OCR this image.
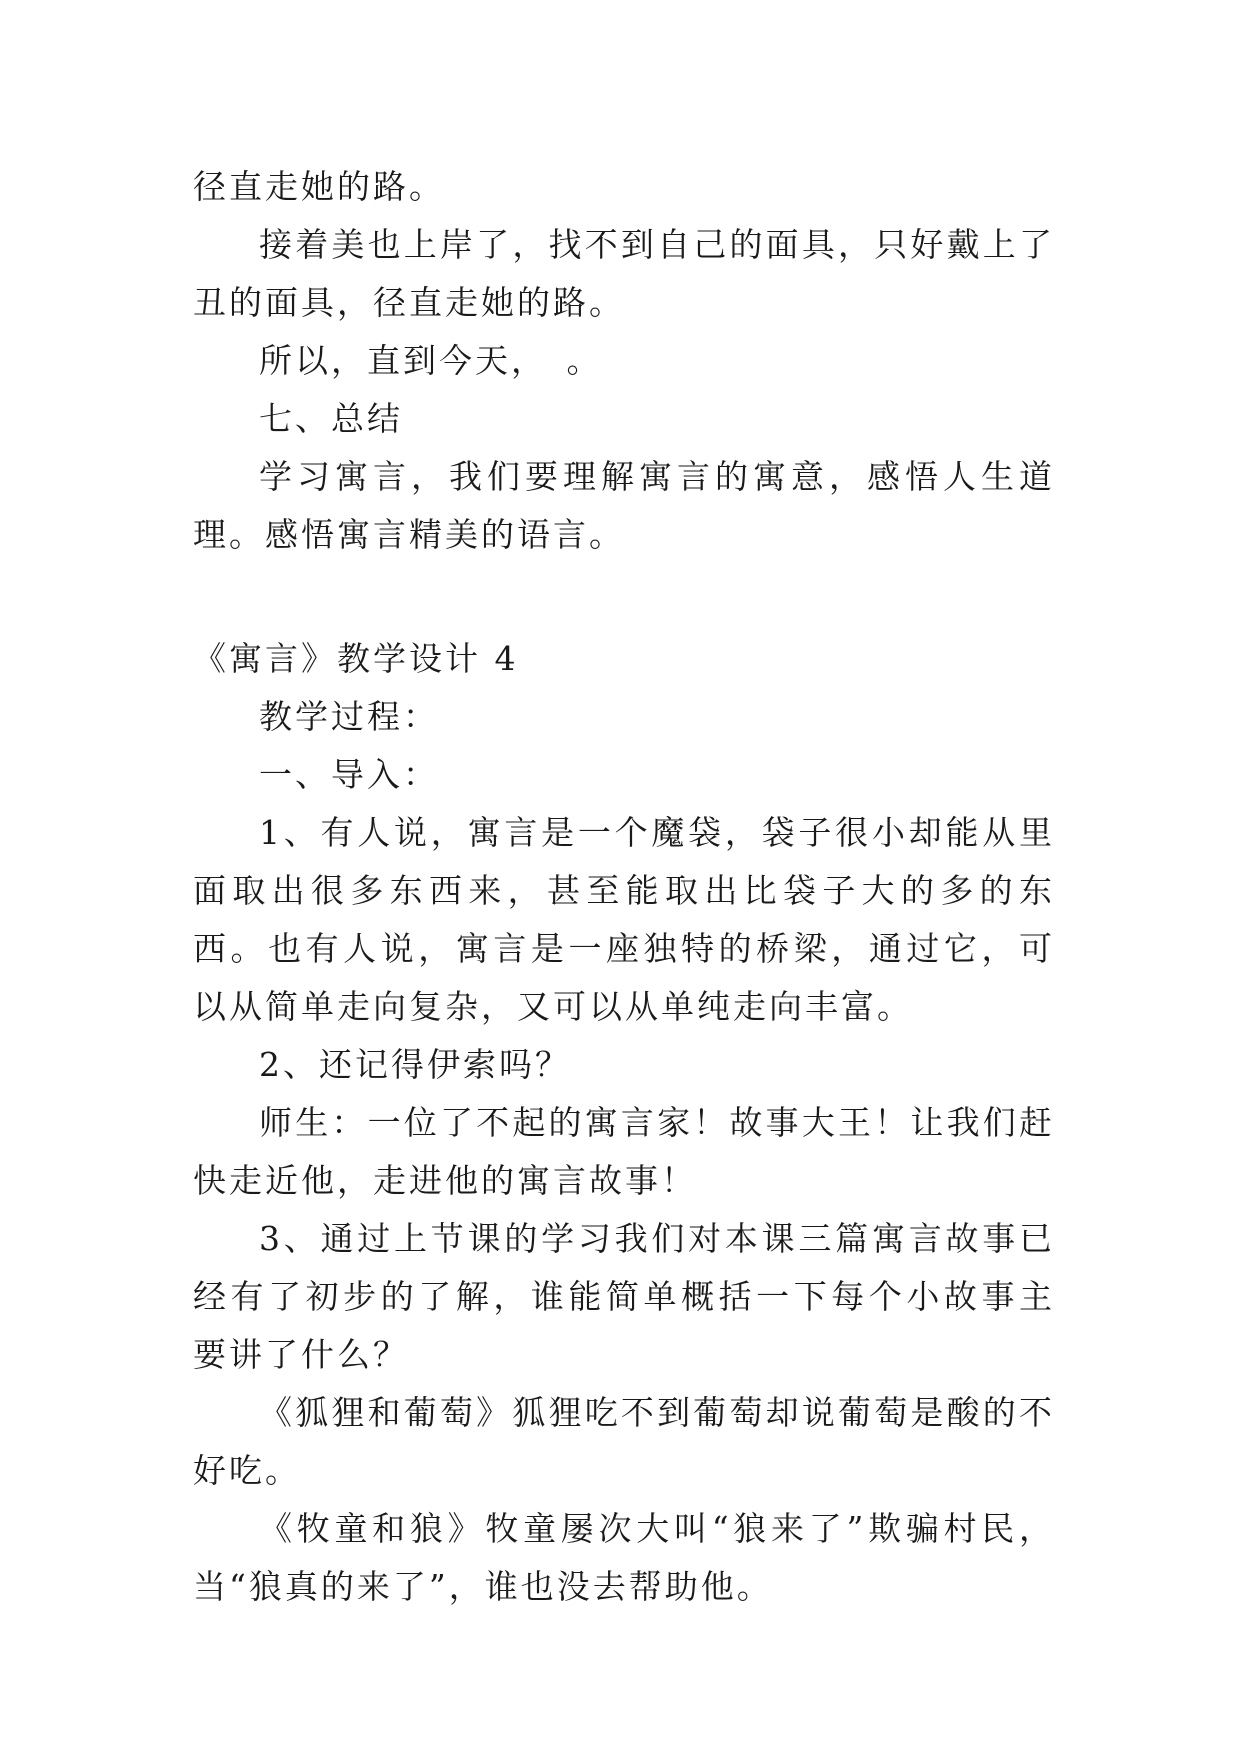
径直走她的路。

接着美也上岸了，找不到自己的面具，只好戴上了丑的面具，径直走她的路。

所以，直到今天，　。

七、总结

学习寓言，我们要理解寓言的寓意，感悟人生道理。感悟寓言精美的语言。

《寓言》教学设计 4

教学过程：

一、导入：

1、有人说，寓言是一个魔袋，袋子很小却能从里面取出很多东西来，甚至能取出比袋子大的多的东西。也有人说，寓言是一座独特的桥梁，通过它，可以从简单走向复杂，又可以从单纯走向丰富。

2、还记得伊索吗？

师生：一位了不起的寓言家！故事大王！让我们赶快走近他，走进他的寓言故事！

3、通过上节课的学习我们对本课三篇寓言故事已经有了初步的了解，谁能简单概括一下每个小故事主要讲了什么？

《狐狸和葡萄》狐狸吃不到葡萄却说葡萄是酸的不好吃。

《牧童和狼》牧童屡次大叫“狼来了”欺骗村民，当“狼真的来了”，谁也没去帮助他。
